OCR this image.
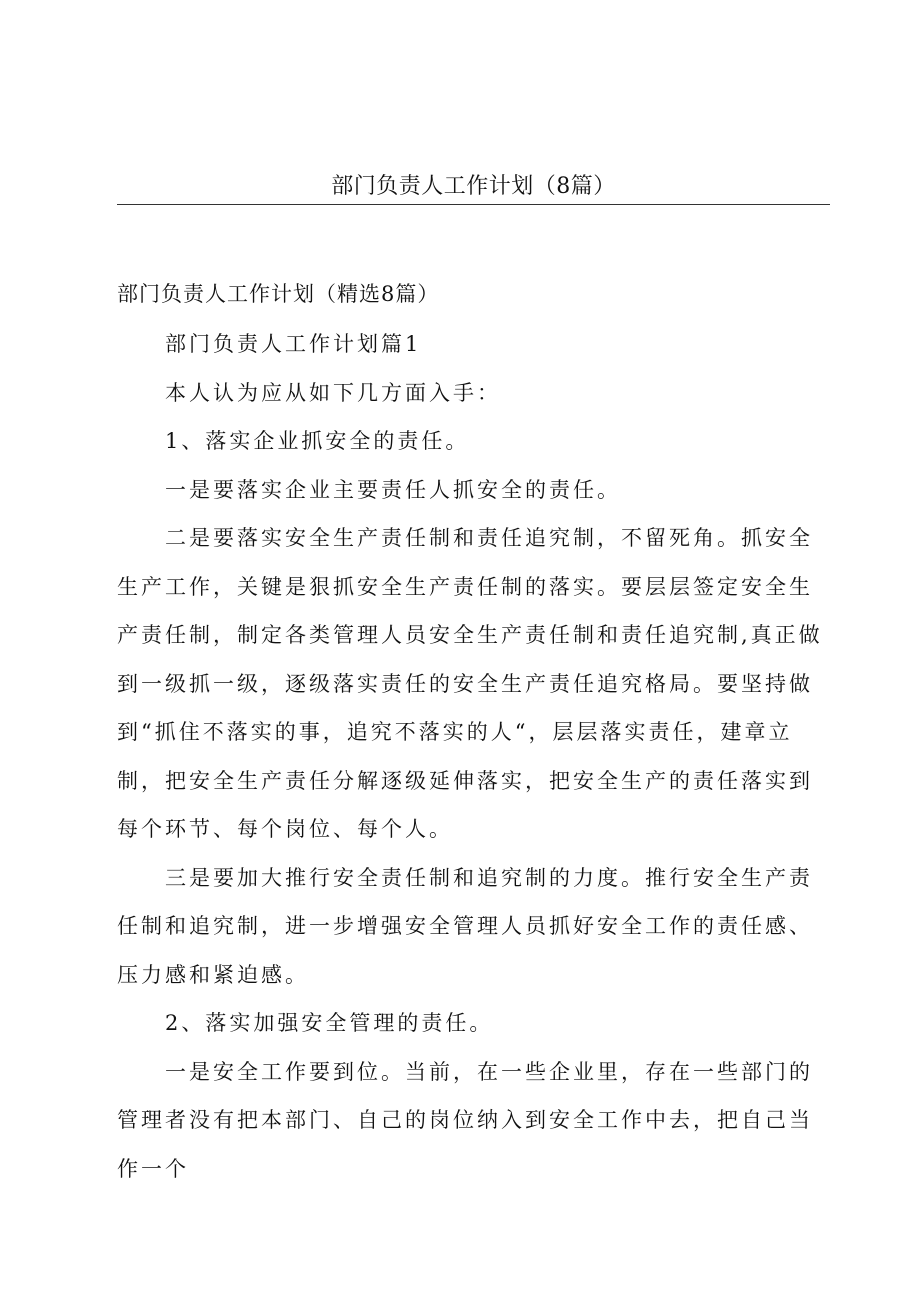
部门负责人工作计划（8篇）

部门负责人工作计划（精选8篇）

部门负责人工作计划篇1

本人认为应从如下几方面入手：

1、落实企业抓安全的责任。

一是要落实企业主要责任人抓安全的责任。

二是要落实安全生产责任制和责任追究制，不留死角。抓安全生产工作，关键是狠抓安全生产责任制的落实。要层层签定安全生产责任制，制定各类管理人员安全生产责任制和责任追究制,真正做到一级抓一级，逐级落实责任的安全生产责任追究格局。要坚持做到“抓住不落实的事，追究不落实的人“，层层落实责任，建章立制，把安全生产责任分解逐级延伸落实，把安全生产的责任落实到每个环节、每个岗位、每个人。

三是要加大推行安全责任制和追究制的力度。推行安全生产责任制和追究制，进一步增强安全管理人员抓好安全工作的责任感、压力感和紧迫感。

2、落实加强安全管理的责任。

一是安全工作要到位。当前，在一些企业里，存在一些部门的管理者没有把本部门、自己的岗位纳入到安全工作中去，把自己当作一个
